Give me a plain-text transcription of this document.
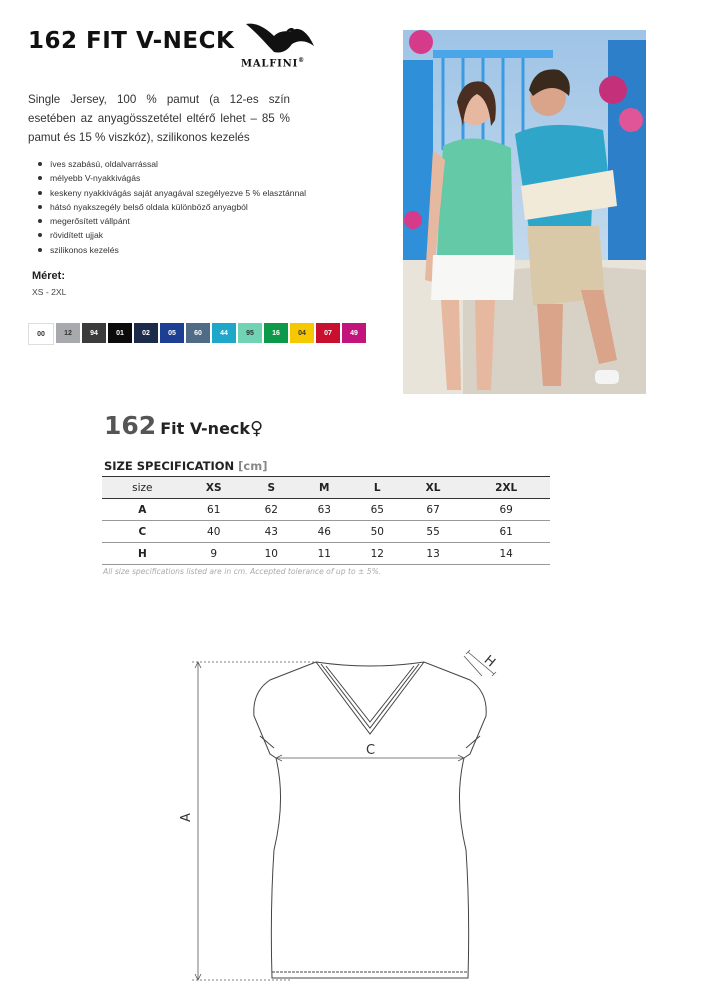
162 FIT V-NECK
MALFINI®
Single Jersey, 100 % pamut (a 12-es szín esetében az anyagösszetétel eltérő lehet – 85 % pamut és 15 % viszkóz), szilikonos kezelés
íves szabású, oldalvarrással
mélyebb V-nyakkivágás
keskeny nyakkivágás saját anyagával szegélyezve 5 % elasztánnal
hátsó nyakszegély belső oldala különböző anyagból
megerősített vállpánt
rövidített ujjak
szilikonos kezelés
Méret:
XS - 2XL
00	12	94	01	02	05	60	44	95	16	04	07	49
162 Fit V-neck♀
SIZE SPECIFICATION [cm]
size	XS	S	M	L	XL	2XL
A	61	62	63	65	67	69
C	40	43	46	50	55	61
H	9	10	11	12	13	14
All size specifications listed are in cm. Accepted tolerance of up to ± 5%.
A
C
H
